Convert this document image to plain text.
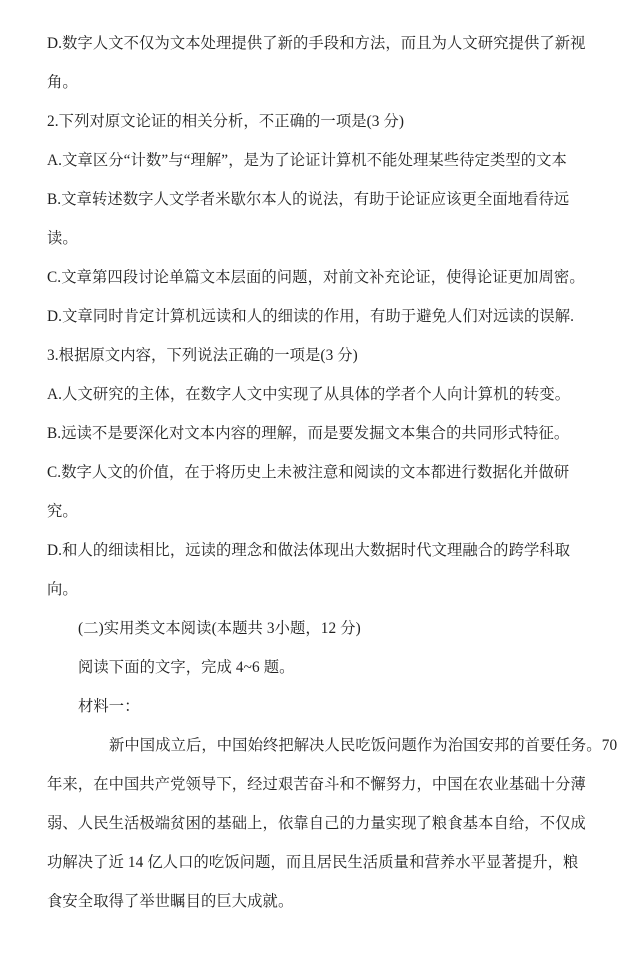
D.数字人文不仅为文本处理提供了新的手段和方法，而且为人文研究提供了新视
角。
2.下列对原文论证的相关分析，不正确的一项是(3 分)
A.文章区分“计数”与“理解”，是为了论证计算机不能处理某些待定类型的文本
B.文章转述数字人文学者米歇尔本人的说法，有助于论证应该更全面地看待远
读。
C.文章第四段讨论单篇文本层面的问题，对前文补充论证，使得论证更加周密。
D.文章同时肯定计算机远读和人的细读的作用，有助于避免人们对远读的误解.
3.根据原文内容，下列说法正确的一项是(3 分)
A.人文研究的主体，在数字人文中实现了从具体的学者个人向计算机的转变。
B.远读不是要深化对文本内容的理解，而是要发掘文本集合的共同形式特征。
C.数字人文的价值，在于将历史上未被注意和阅读的文本都进行数据化并做研
究。
D.和人的细读相比，远读的理念和做法体现出大数据时代文理融合的跨学科取
向。
(二)实用类文本阅读(本题共 3小题，12 分)
阅读下面的文字，完成 4~6 题。
材料一：
新中国成立后，中国始终把解决人民吃饭问题作为治国安邦的首要任务。70
年来，在中国共产党领导下，经过艰苦奋斗和不懈努力，中国在农业基础十分薄
弱、人民生活极端贫困的基础上，依靠自己的力量实现了粮食基本自给，不仅成
功解决了近 14 亿人口的吃饭问题，而且居民生活质量和营养水平显著提升，粮
食安全取得了举世瞩目的巨大成就。
